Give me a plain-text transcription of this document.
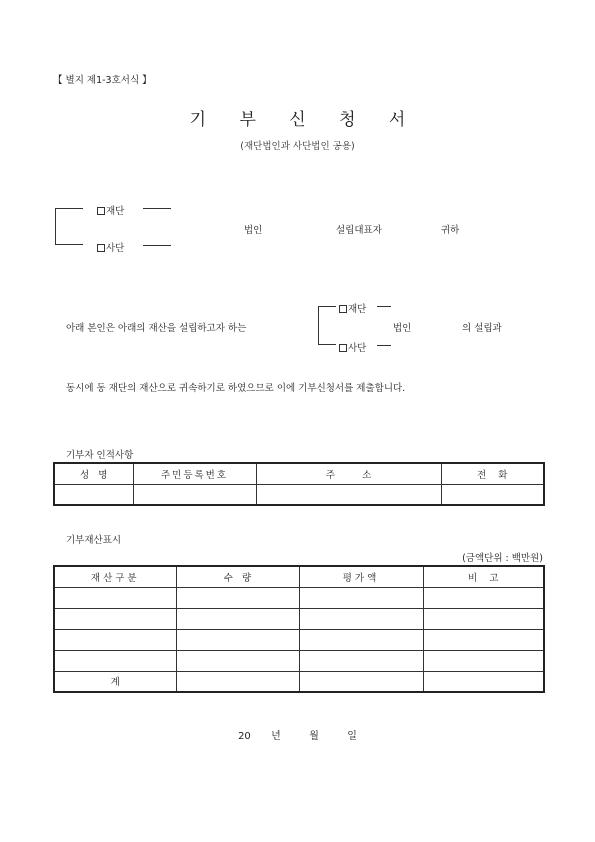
【 별지 제1-3호서식 】
기 부 신 청 서
(재단법인과 사단법인 공용)
재단
사단
법인	설립대표자	귀하
아래 본인은 아래의 재산을 설립하고자 하는
재단
사단
법인	의 설립과
동시에 동 재단의 재산으로 귀속하기로 하였으므로 이에 기부신청서를 제출합니다.
기부자 인적사항
성   명	주민등록번호	주         소	전    화

기부재산표시
(금액단위 : 백만원)
재산구분	수   량	평가액	비    고

계			
20 년	월	일
